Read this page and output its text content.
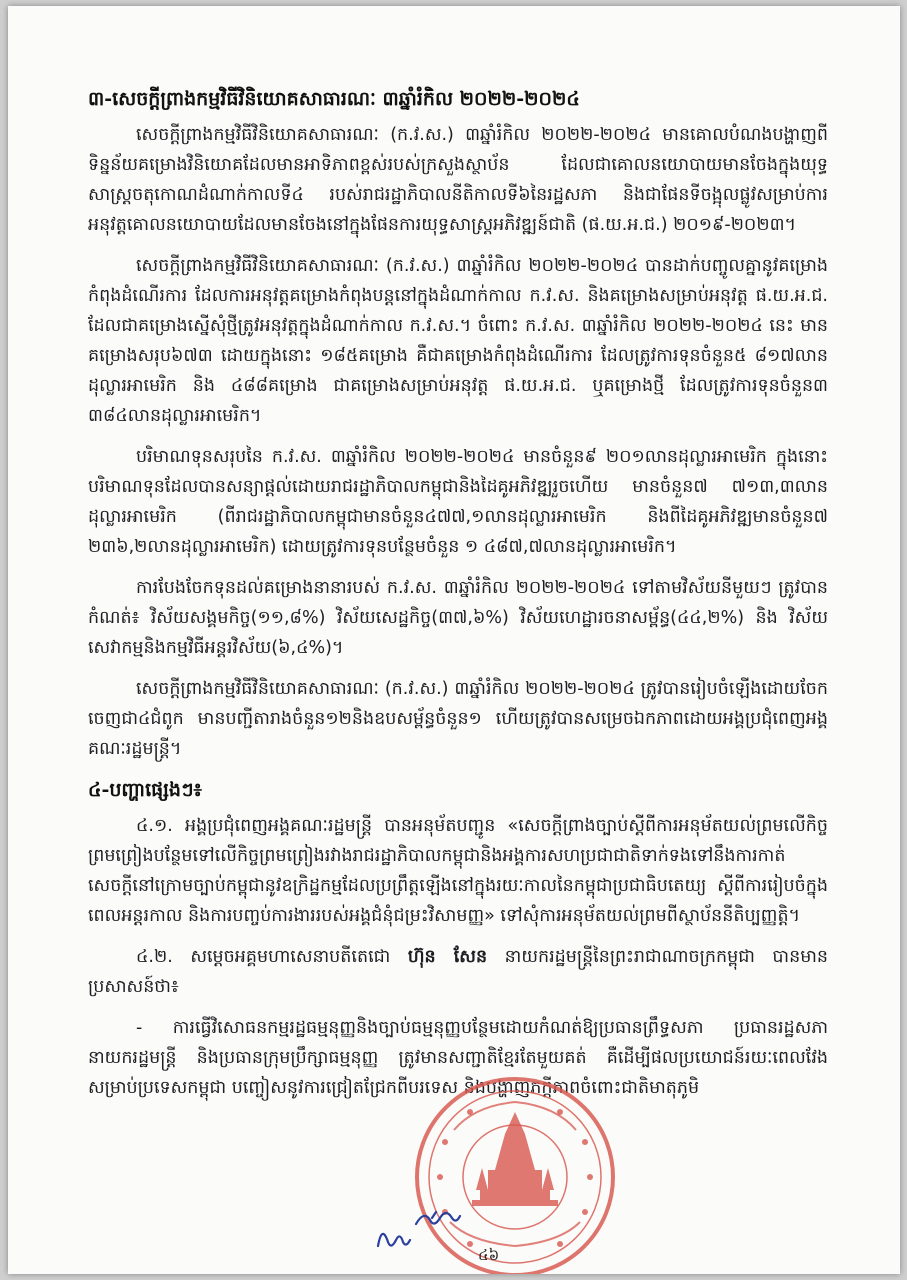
៣-សេចក្តីព្រាងកម្មវិធីវិនិយោគសាធារណៈ ៣ឆ្នាំរំកិល ២០២២-២០២៤

សេចក្តីព្រាងកម្មវិធីវិនិយោគសាធារណៈ (ក.វ.ស.) ៣ឆ្នាំរំកិល ២០២២-២០២៤ មានគោលបំណងបង្ហាញពីទិន្នន័យគម្រោងវិនិយោគដែលមានអាទិភាពខ្ពស់របស់ក្រសួងស្ថាប័ន ដែលជាគោលនយោបាយមានចែងក្នុងយុទ្ធសាស្ត្រចតុកោណដំណាក់កាលទី៤ របស់រាជរដ្ឋាភិបាលនីតិកាលទី៦នៃរដ្ឋសភា និងជាផែនទីចង្អុលផ្លូវសម្រាប់ការអនុវត្តគោលនយោបាយដែលមានចែងនៅក្នុងផែនការយុទ្ធសាស្ត្រអភិវឌ្ឍន៍ជាតិ (ផ.យ.អ.ជ.) ២០១៩-២០២៣។

សេចក្តីព្រាងកម្មវិធីវិនិយោគសាធារណៈ (ក.វ.ស.) ៣ឆ្នាំរំកិល ២០២២-២០២៤ បានដាក់បញ្ចូលគ្នានូវគម្រោងកំពុងដំណើរការ ដែលការអនុវត្តគម្រោងកំពុងបន្តនៅក្នុងដំណាក់កាល ក.វ.ស. និងគម្រោងសម្រាប់អនុវត្ត ផ.យ.អ.ជ. ដែលជាគម្រោងស្នើសុំថ្មីត្រូវអនុវត្តក្នុងដំណាក់កាល ក.វ.ស.។ ចំពោះ ក.វ.ស. ៣ឆ្នាំរំកិល ២០២២-២០២៤ នេះ មានគម្រោងសរុប៦៧៣ ដោយក្នុងនោះ ១៨៥គម្រោង គឺជាគម្រោងកំពុងដំណើរការ ដែលត្រូវការទុនចំនួន៥ ៨១៧លានដុល្លារអាមេរិក និង ៤៨៨គម្រោង ជាគម្រោងសម្រាប់អនុវត្ត ផ.យ.អ.ជ. ឬគម្រោងថ្មី ដែលត្រូវការទុនចំនួន៣ ៣៨៤លានដុល្លារអាមេរិក។

បរិមាណទុនសរុបនៃ ក.វ.ស. ៣ឆ្នាំរំកិល ២០២២-២០២៤ មានចំនួន៩ ២០១លានដុល្លារអាមេរិក ក្នុងនោះ បរិមាណទុនដែលបានសន្យាផ្តល់ដោយរាជរដ្ឋាភិបាលកម្ពុជានិងដៃគូអភិវឌ្ឍរួចហើយ មានចំនួន៧ ៧១៣,៣លានដុល្លារអាមេរិក (ពីរាជរដ្ឋាភិបាលកម្ពុជាមានចំនួន៤៧៧,១លានដុល្លារអាមេរិក និងពីដៃគូអភិវឌ្ឍមានចំនួន៧ ២៣៦,២លានដុល្លារអាមេរិក) ដោយត្រូវការទុនបន្ថែមចំនួន ១ ៤៨៧,៧លានដុល្លារអាមេរិក។

ការបែងចែកទុនដល់គម្រោងនានារបស់ ក.វ.ស. ៣ឆ្នាំរំកិល ២០២២-២០២៤ ទៅតាមវិស័យនីមួយៗ ត្រូវបានកំណត់៖ វិស័យសង្គមកិច្ច(១១,៨%) វិស័យសេដ្ឋកិច្ច(៣៧,៦%) វិស័យហេដ្ឋារចនាសម្ព័ន្ធ(៤៤,២%) និង វិស័យសេវាកម្មនិងកម្មវិធីអន្តរវិស័យ(៦,៤%)។

សេចក្តីព្រាងកម្មវិធីវិនិយោគសាធារណៈ (ក.វ.ស.) ៣ឆ្នាំរំកិល ២០២២-២០២៤ ត្រូវបានរៀបចំឡើងដោយចែកចេញជា៤ជំពូក មានបញ្ជីតារាងចំនួន១២និងឧបសម្ព័ន្ធចំនួន១ ហើយត្រូវបានសម្រេចឯកភាពដោយអង្គប្រជុំពេញអង្គគណៈរដ្ឋមន្ត្រី។

៤-បញ្ហាផ្សេងៗ៖

៤.១. អង្គប្រជុំពេញអង្គគណៈរដ្ឋមន្ត្រី បានអនុម័តបញ្ជូន «សេចក្តីព្រាងច្បាប់ស្តីពីការអនុម័តយល់ព្រមលើកិច្ចព្រមព្រៀងបន្ថែមទៅលើកិច្ចព្រមព្រៀងរវាងរាជរដ្ឋាភិបាលកម្ពុជានិងអង្គការសហប្រជាជាតិទាក់ទងទៅនឹងការកាត់សេចក្តីនៅក្រោមច្បាប់កម្ពុជានូវឧក្រិដ្ឋកម្មដែលប្រព្រឹត្តឡើងនៅក្នុងរយៈកាលនៃកម្ពុជាប្រជាធិបតេយ្យ ស្តីពីការរៀបចំក្នុងពេលអន្តរកាល និងការបញ្ចប់ការងាររបស់អង្គជំនុំជម្រះវិសាមញ្ញ» ទៅសុំការអនុម័តយល់ព្រមពីស្ថាប័ននីតិប្បញ្ញត្តិ។

៤.២. សម្តេចអគ្គមហាសេនាបតីតេជោ ហ៊ុន សែន នាយករដ្ឋមន្ត្រីនៃព្រះរាជាណាចក្រកម្ពុជា បានមានប្រសាសន៍ថា៖

- ការធ្វើវិសោធនកម្មរដ្ឋធម្មនុញ្ញនិងច្បាប់ធម្មនុញ្ញបន្ថែមដោយកំណត់ឱ្យប្រធានព្រឹទ្ធសភា ប្រធានរដ្ឋសភា នាយករដ្ឋមន្ត្រី និងប្រធានក្រុមប្រឹក្សាធម្មនុញ្ញ ត្រូវមានសញ្ជាតិខ្មែរតែមួយគត់ គឺដើម្បីផលប្រយោជន៍រយៈពេលវែងសម្រាប់ប្រទេសកម្ពុជា បញ្ចៀសនូវការជ្រៀតជ្រែកពីបរទេស និងបង្ហាញភក្តីភាពចំពោះជាតិមាតុភូមិ

៤៦
